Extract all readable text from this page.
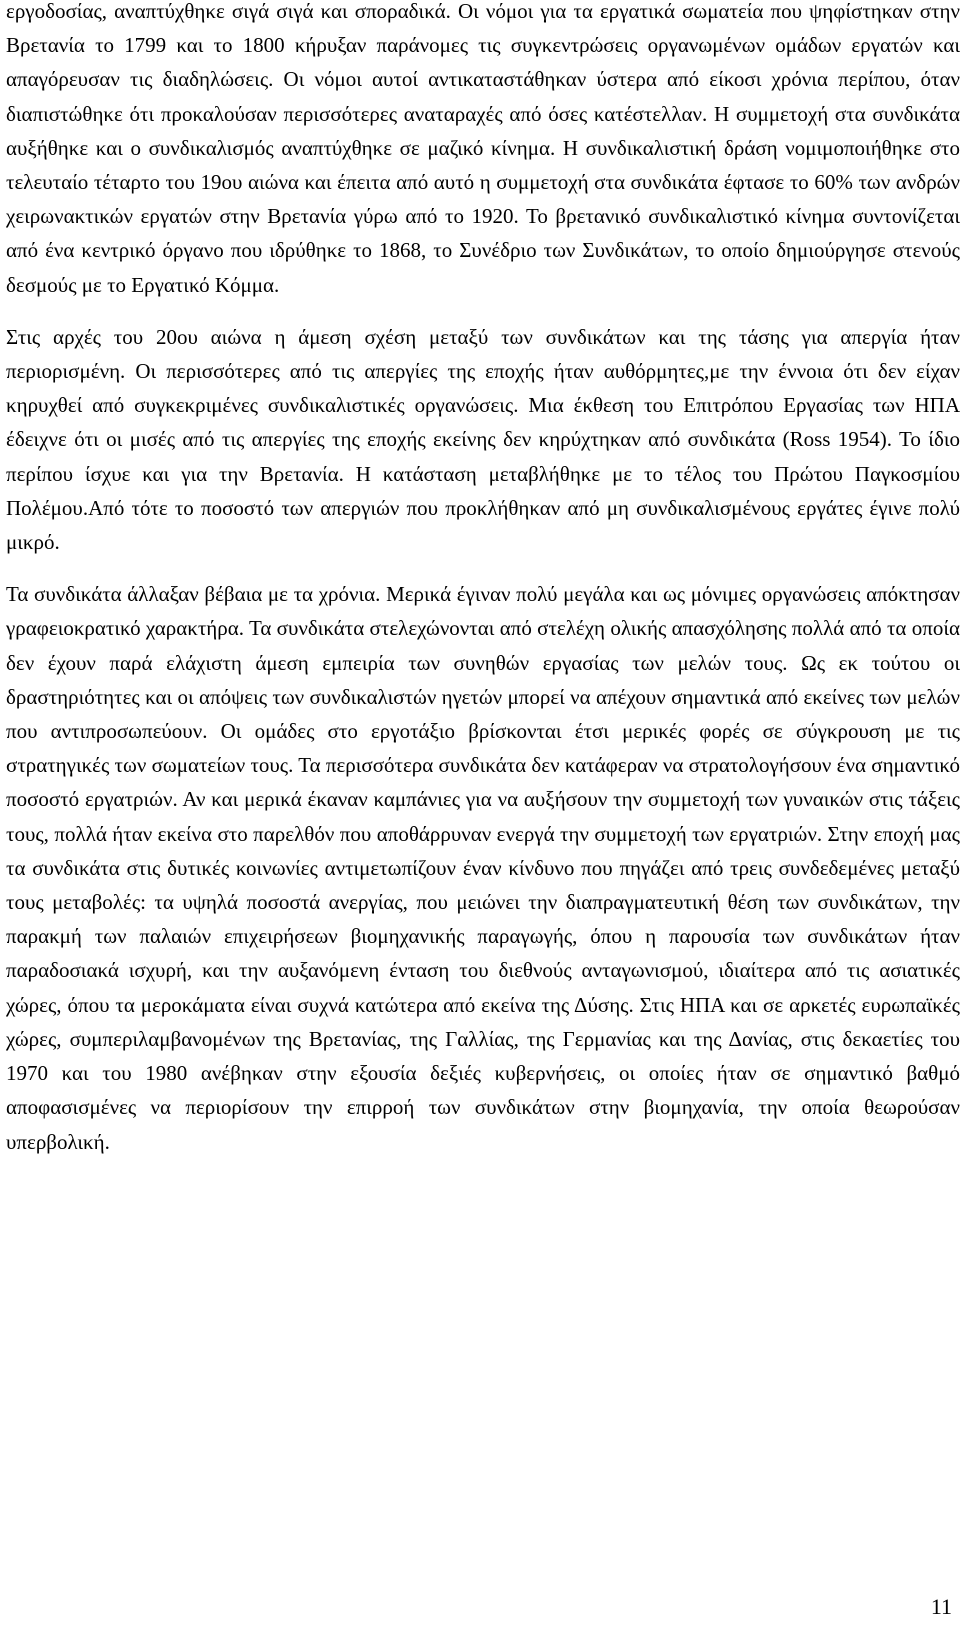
εργοδοσίας, αναπτύχθηκε σιγά σιγά και σποραδικά. Οι νόμοι για τα εργατικά σωματεία που ψηφίστηκαν στην Βρετανία το 1799 και το 1800 κήρυξαν παράνομες τις συγκεντρώσεις οργανωμένων ομάδων εργατών και απαγόρευσαν τις διαδηλώσεις. Οι νόμοι αυτοί αντικαταστάθηκαν ύστερα από είκοσι χρόνια περίπου, όταν διαπιστώθηκε ότι προκαλούσαν περισσότερες αναταραχές από όσες κατέστελλαν. Η συμμετοχή στα συνδικάτα αυξήθηκε και ο συνδικαλισμός αναπτύχθηκε σε μαζικό κίνημα. Η συνδικαλιστική δράση νομιμοποιήθηκε στο τελευταίο τέταρτο του 19ου αιώνα και έπειτα από αυτό η συμμετοχή στα συνδικάτα έφτασε το 60% των ανδρών χειρωνακτικών εργατών στην Βρετανία γύρω από το 1920. Το βρετανικό συνδικαλιστικό κίνημα συντονίζεται από ένα κεντρικό όργανο που ιδρύθηκε το 1868, το Συνέδριο των Συνδικάτων, το οποίο δημιούργησε στενούς δεσμούς με το Εργατικό Κόμμα.

Στις αρχές του 20ου αιώνα η άμεση σχέση μεταξύ των συνδικάτων και της τάσης για απεργία ήταν περιορισμένη. Οι περισσότερες από τις απεργίες της εποχής ήταν αυθόρμητες,με την έννοια ότι δεν είχαν κηρυχθεί από συγκεκριμένες συνδικαλιστικές οργανώσεις. Μια έκθεση του Επιτρόπου Εργασίας των ΗΠΑ έδειχνε ότι οι μισές από τις απεργίες της εποχής εκείνης δεν κηρύχτηκαν από συνδικάτα (Ross 1954). Το ίδιο περίπου ίσχυε και για την Βρετανία. Η κατάσταση μεταβλήθηκε με το τέλος του Πρώτου Παγκοσμίου Πολέμου.Από τότε το ποσοστό των απεργιών που προκλήθηκαν από μη συνδικαλισμένους εργάτες έγινε πολύ μικρό.

Τα συνδικάτα άλλαξαν βέβαια με τα χρόνια. Μερικά έγιναν πολύ μεγάλα και ως μόνιμες οργανώσεις απόκτησαν γραφειοκρατικό χαρακτήρα. Τα συνδικάτα στελεχώνονται από στελέχη ολικής απασχόλησης πολλά από τα οποία δεν έχουν παρά ελάχιστη άμεση εμπειρία των συνηθών εργασίας των μελών τους. Ως εκ τούτου οι δραστηριότητες και οι απόψεις των συνδικαλιστών ηγετών μπορεί να απέχουν σημαντικά από εκείνες των μελών που αντιπροσωπεύουν. Οι ομάδες στο εργοτάξιο βρίσκονται έτσι μερικές φορές σε σύγκρουση με τις στρατηγικές των σωματείων τους. Τα περισσότερα συνδικάτα δεν κατάφεραν να στρατολογήσουν ένα σημαντικό ποσοστό εργατριών. Αν και μερικά έκαναν καμπάνιες για να αυξήσουν την συμμετοχή των γυναικών στις τάξεις τους, πολλά ήταν εκείνα στο παρελθόν που αποθάρρυναν ενεργά την συμμετοχή των εργατριών. Στην εποχή μας τα συνδικάτα στις δυτικές κοινωνίες αντιμετωπίζουν έναν κίνδυνο που πηγάζει από τρεις συνδεδεμένες μεταξύ τους μεταβολές: τα υψηλά ποσοστά ανεργίας, που μειώνει την διαπραγματευτική θέση των συνδικάτων, την παρακμή των παλαιών επιχειρήσεων βιομηχανικής παραγωγής, όπου η παρουσία των συνδικάτων ήταν παραδοσιακά ισχυρή, και την αυξανόμενη ένταση του διεθνούς ανταγωνισμού, ιδιαίτερα από τις ασιατικές χώρες, όπου τα μεροκάματα είναι συχνά κατώτερα από εκείνα της Δύσης. Στις ΗΠΑ και σε αρκετές ευρωπαϊκές χώρες, συμπεριλαμβανομένων της Βρετανίας, της Γαλλίας, της Γερμανίας και της Δανίας, στις δεκαετίες του 1970 και του 1980 ανέβηκαν στην εξουσία δεξιές κυβερνήσεις, οι οποίες ήταν σε σημαντικό βαθμό αποφασισμένες να περιορίσουν την επιρροή των συνδικάτων στην βιομηχανία, την οποία θεωρούσαν υπερβολική.

11
